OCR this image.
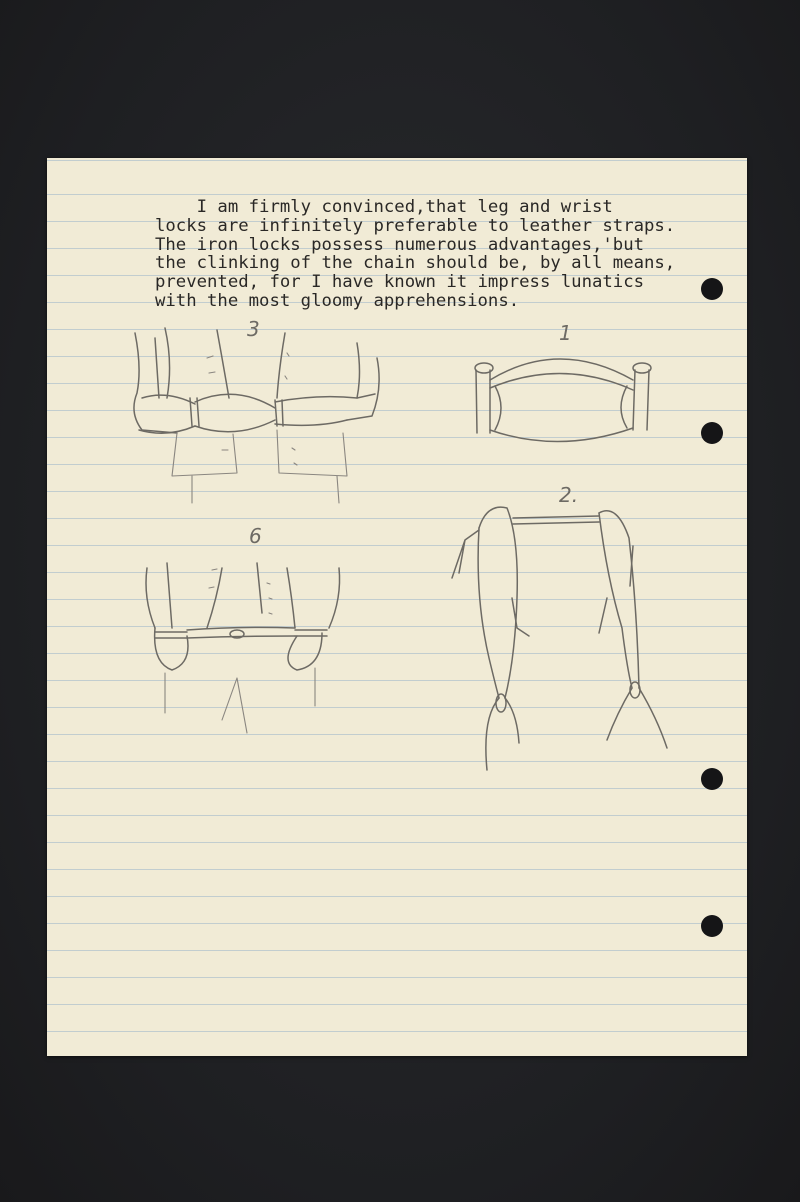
I am firmly convinced,that leg and wrist
locks are infinitely preferable to leather straps.
The iron locks possess numerous advantages,'but
the clinking of the chain should be, by all means,
prevented, for I have known it impress lunatics
with the most gloomy apprehensions.
3	1
2.
6
